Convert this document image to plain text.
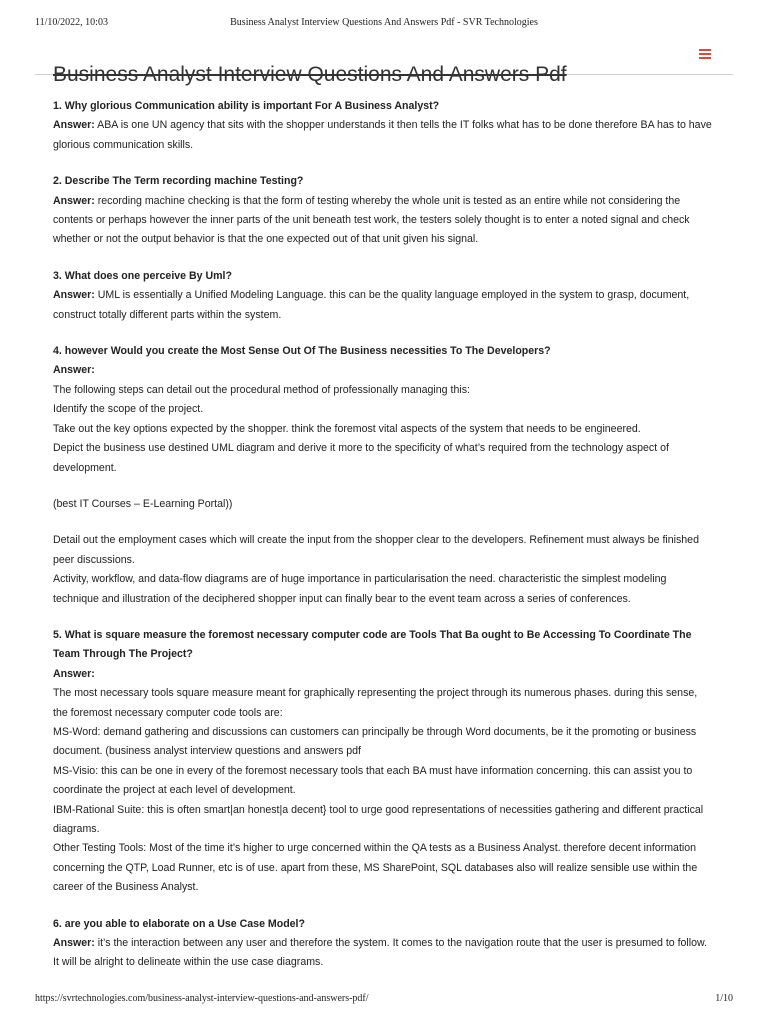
11/10/2022, 10:03	Business Analyst Interview Questions And Answers Pdf - SVR Technologies
Business Analyst Interview Questions And Answers Pdf

1. Why glorious Communication ability is important For A Business Analyst?

Answer: ABA is one UN agency that sits with the shopper understands it then tells the IT folks what has to be done therefore BA has to have glorious communication skills.

2. Describe The Term recording machine Testing?

Answer: recording machine checking is that the form of testing whereby the whole unit is tested as an entire while not considering the contents or perhaps however the inner parts of the unit beneath test work, the testers solely thought is to enter a noted signal and check whether or not the output behavior is that the one expected out of that unit given his signal.

3. What does one perceive By Uml?

Answer: UML is essentially a Unified Modeling Language. this can be the quality language employed in the system to grasp, document, construct totally different parts within the system.

4. however Would you create the Most Sense Out Of The Business necessities To The Developers?

Answer:

The following steps can detail out the procedural method of professionally managing this:

Identify the scope of the project.

Take out the key options expected by the shopper. think the foremost vital aspects of the system that needs to be engineered.

Depict the business use destined UML diagram and derive it more to the specificity of what’s required from the technology aspect of development.

(best IT Courses – E-Learning Portal))

Detail out the employment cases which will create the input from the shopper clear to the developers. Refinement must always be finished peer discussions.

Activity, workflow, and data-flow diagrams are of huge importance in particularisation the need. characteristic the simplest modeling technique and illustration of the deciphered shopper input can finally bear to the event team across a series of conferences.

5. What is square measure the foremost necessary computer code are Tools That Ba ought to Be Accessing To Coordinate The Team Through The Project?

Answer:

The most necessary tools square measure meant for graphically representing the project through its numerous phases. during this sense, the foremost necessary computer code tools are:

MS-Word: demand gathering and discussions can customers can principally be through Word documents, be it the promoting or business document. (business analyst interview questions and answers pdf

MS-Visio: this can be one in every of the foremost necessary tools that each BA must have information concerning. this can assist you to coordinate the project at each level of development.

IBM-Rational Suite: this is often smart|an honest|a decent} tool to urge good representations of necessities gathering and different practical diagrams.

Other Testing Tools: Most of the time it’s higher to urge concerned within the QA tests as a Business Analyst. therefore decent information concerning the QTP, Load Runner, etc is of use. apart from these, MS SharePoint, SQL databases also will realize sensible use within the career of the Business Analyst.

6. are you able to elaborate on a Use Case Model?

Answer: it’s the interaction between any user and therefore the system. It comes to the navigation route that the user is presumed to follow. It will be alright to delineate within the use case diagrams.

https://svrtechnologies.com/business-analyst-interview-questions-and-answers-pdf/	1/10
